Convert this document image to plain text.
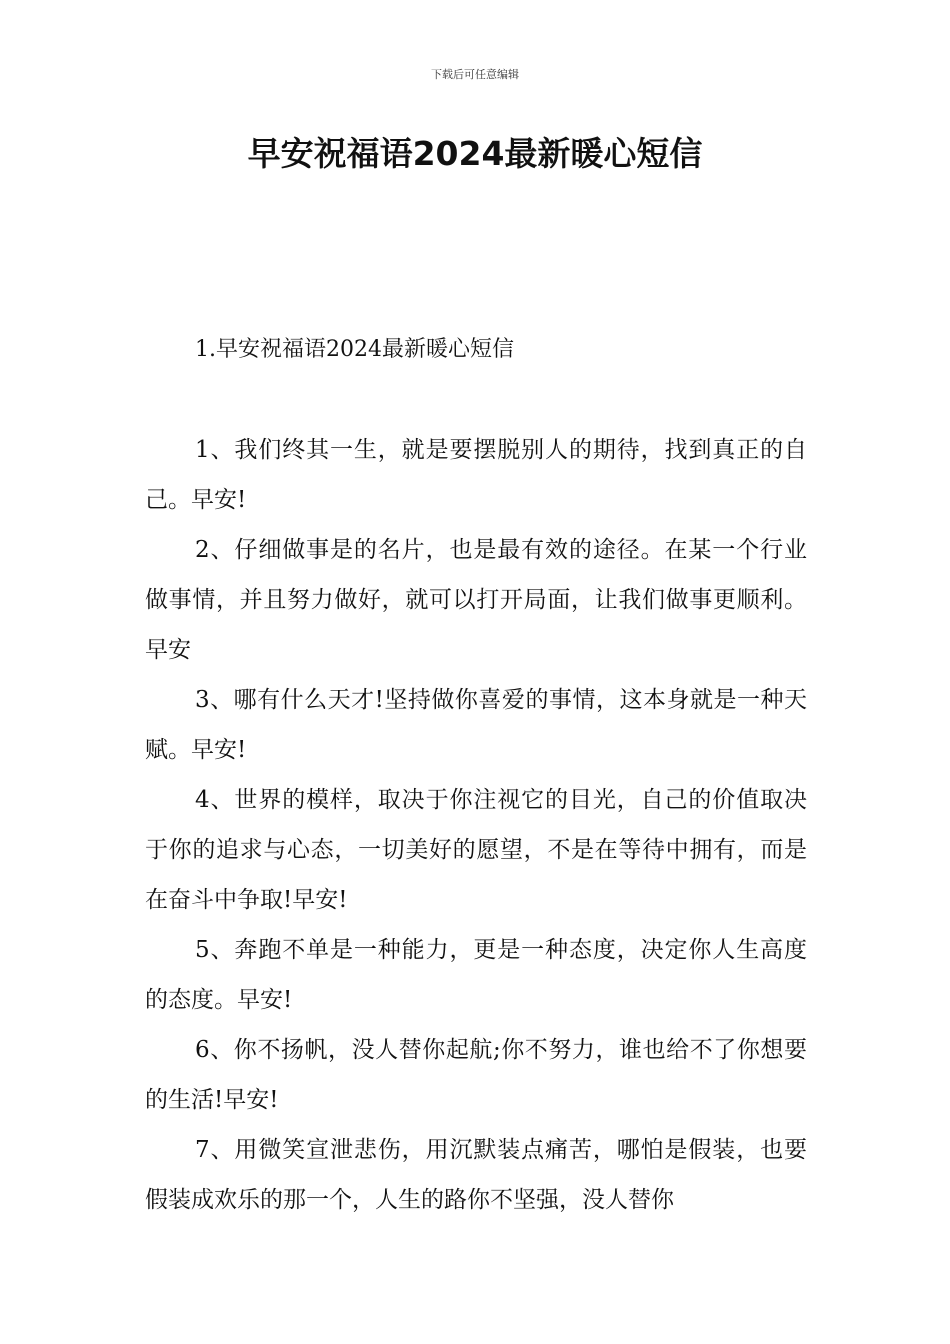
下载后可任意编辑
早安祝福语2024最新暖心短信
1.早安祝福语2024最新暖心短信

1、我们终其一生，就是要摆脱别人的期待，找到真正的自己。早安!

2、仔细做事是的名片，也是最有效的途径。在某一个行业做事情，并且努力做好，就可以打开局面，让我们做事更顺利。早安

3、哪有什么天才!坚持做你喜爱的事情，这本身就是一种天赋。早安!

4、世界的模样，取决于你注视它的目光，自己的价值取决于你的追求与心态，一切美好的愿望，不是在等待中拥有，而是在奋斗中争取!早安!

5、奔跑不单是一种能力，更是一种态度，决定你人生高度的态度。早安!

6、你不扬帆，没人替你起航;你不努力，谁也给不了你想要的生活!早安!

7、用微笑宣泄悲伤，用沉默装点痛苦，哪怕是假装，也要假装成欢乐的那一个，人生的路你不坚强，没人替你
